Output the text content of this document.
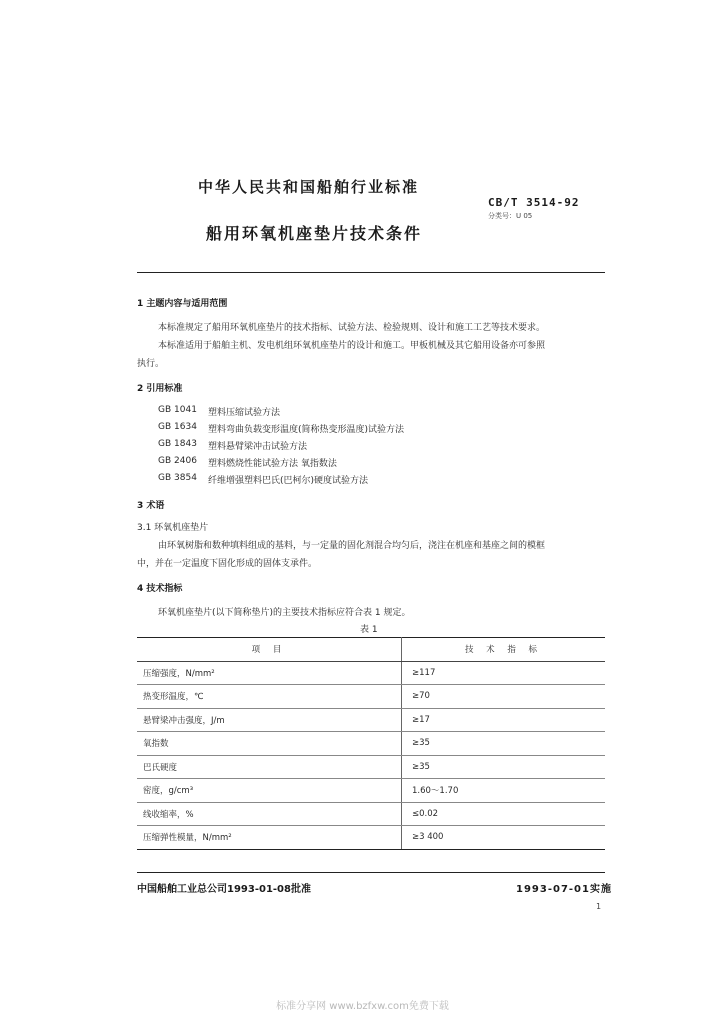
中华人民共和国船舶行业标准
CB/T 3514-92
分类号：U 05
船用环氧机座垫片技术条件
1 主题内容与适用范围
本标准规定了船用环氧机座垫片的技术指标、试验方法、检验规则、设计和施工工艺等技术要求。
本标准适用于船舶主机、发电机组环氧机座垫片的设计和施工。甲板机械及其它船用设备亦可参照
执行。
2 引用标准
GB 1041 塑料压缩试验方法
GB 1634 塑料弯曲负载变形温度(简称热变形温度)试验方法
GB 1843 塑料悬臂梁冲击试验方法
GB 2406 塑料燃烧性能试验方法 氧指数法
GB 3854 纤维增强塑料巴氏(巴柯尔)硬度试验方法
3 术语
3.1 环氧机座垫片
由环氧树脂和数种填料组成的基料，与一定量的固化剂混合均匀后，浇注在机座和基座之间的模框
中，并在一定温度下固化形成的固体支承件。
4 技术指标
环氧机座垫片(以下简称垫片)的主要技术指标应符合表 1 规定。
表 1
项 目	技 术 指 标
压缩强度，N/mm²	≥117
热变形温度，℃	≥70
悬臂梁冲击强度，J/m	≥17
氧指数	≥35
巴氏硬度	≥35
密度，g/cm³	1.60～1.70
线收缩率，%	≤0.02
压缩弹性模量，N/mm²	≥3 400
中国船舶工业总公司1993-01-08批准	1993-07-01实施
1
标准分享网 www.bzfxw.com免费下载
